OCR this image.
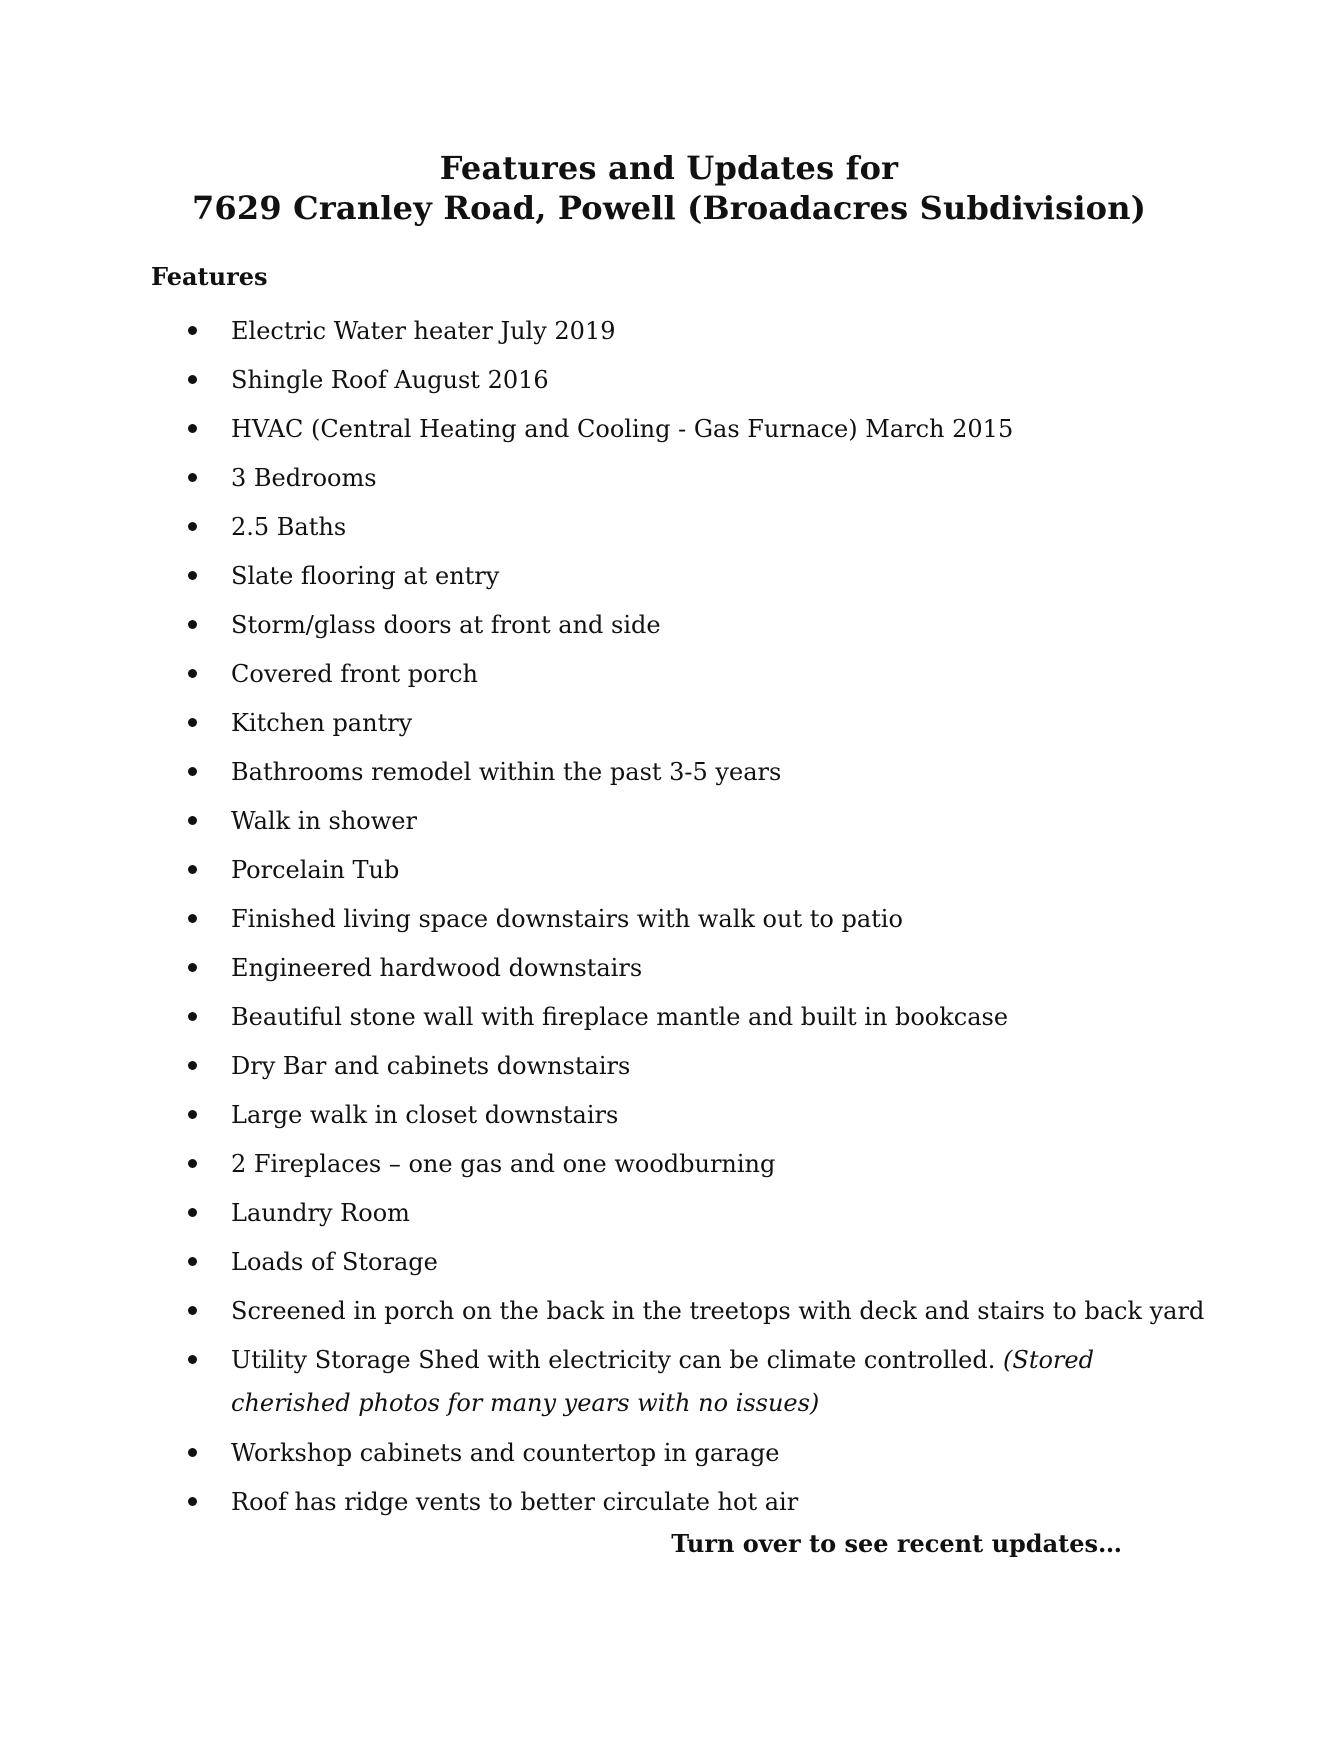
Features and Updates for
7629 Cranley Road, Powell (Broadacres Subdivision)
Features
Electric Water heater July 2019
Shingle Roof August 2016
HVAC (Central Heating and Cooling - Gas Furnace) March 2015
3 Bedrooms
2.5 Baths
Slate flooring at entry
Storm/glass doors at front and side
Covered front porch
Kitchen pantry
Bathrooms remodel within the past 3-5 years
Walk in shower
Porcelain Tub
Finished living space downstairs with walk out to patio
Engineered hardwood downstairs
Beautiful stone wall with fireplace mantle and built in bookcase
Dry Bar and cabinets downstairs
Large walk in closet downstairs
2 Fireplaces – one gas and one woodburning
Laundry Room
Loads of Storage
Screened in porch on the back in the treetops with deck and stairs to back yard
Utility Storage Shed with electricity can be climate controlled. (Stored cherished photos for many years with no issues)
Workshop cabinets and countertop in garage
Roof has ridge vents to better circulate hot air
Turn over to see recent updates…
